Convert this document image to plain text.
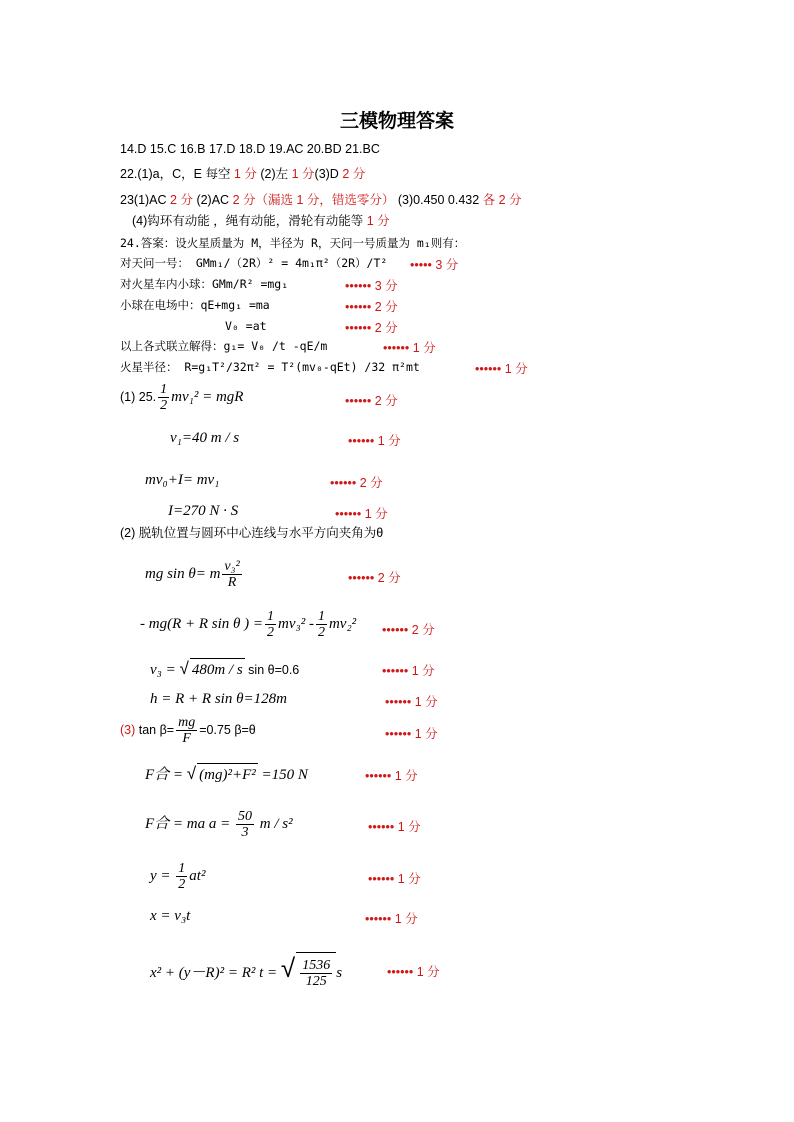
三模物理答案
14.D 15.C 16.B 17.D 18.D 19.AC 20.BD 21.BC
22.(1)a，C，E 每空 1 分 (2)左 1 分(3)D 2 分
23(1)AC 2 分 (2)AC 2 分（漏选 1 分，错选零分） (3)0.450 0.432 各 2 分
(4)钩环有动能 ，绳有动能，滑轮有动能等 1 分
24.答案：设火星质量为 M，半径为 R，天问一号质量为 m₁则有：
对天问一号： GMm₁/（2R）² = 4m₁π²（2R）/T² ••••• 3 分
对火星车内小球：GMm/R² =mg₁	•••••• 3 分
小球在电场中：qE+mg₁ =ma	•••••• 2 分
V₀ =at	•••••• 2 分
以上各式联立解得：g₁= V₀ /t -qE/m	•••••• 1 分
火星半径： R=g₁T²/32π² = T²(mv₀-qEt) /32 π²mt	•••••• 1 分
(1) 25. $\frac{1}{2} mv_1^2$ = mgR	•••••• 2 分
v₁=40 m / s	•••••• 1 分
mv₀+I= mv₁	•••••• 2 分
I=270 N · S	•••••• 1 分
(2) 脱轨位置与圆环中心连线与水平方向夹角为θ
mg sin θ= m $\frac{\text{v₃²}}{R}$	•••••• 2 分
- mg(R + R sin θ ) = $\frac{1}{2} mv_3^2 - \frac{1}{2} mv_2^2$ •••••• 2 分
v₃ = √ 480m / s sin θ=0.6	•••••• 1 分
h = R + R sin θ=128m	•••••• 1 分
(3) $\tan \beta= \frac{mg}{F} =0.75$ β=θ	•••••• 1 分
F合 = √ (mg)²+F² =150 N	•••••• 1 分
F合 = ma $a = \frac{50}{3}$ m / s²	•••••• 1 分
$y = \frac{1}{2} at^2$	•••••• 1 分
x = v₃t	•••••• 1 分
x² + (y－R)² = R² t = √ $\frac{1536}{125}$ s	•••••• 1 分
